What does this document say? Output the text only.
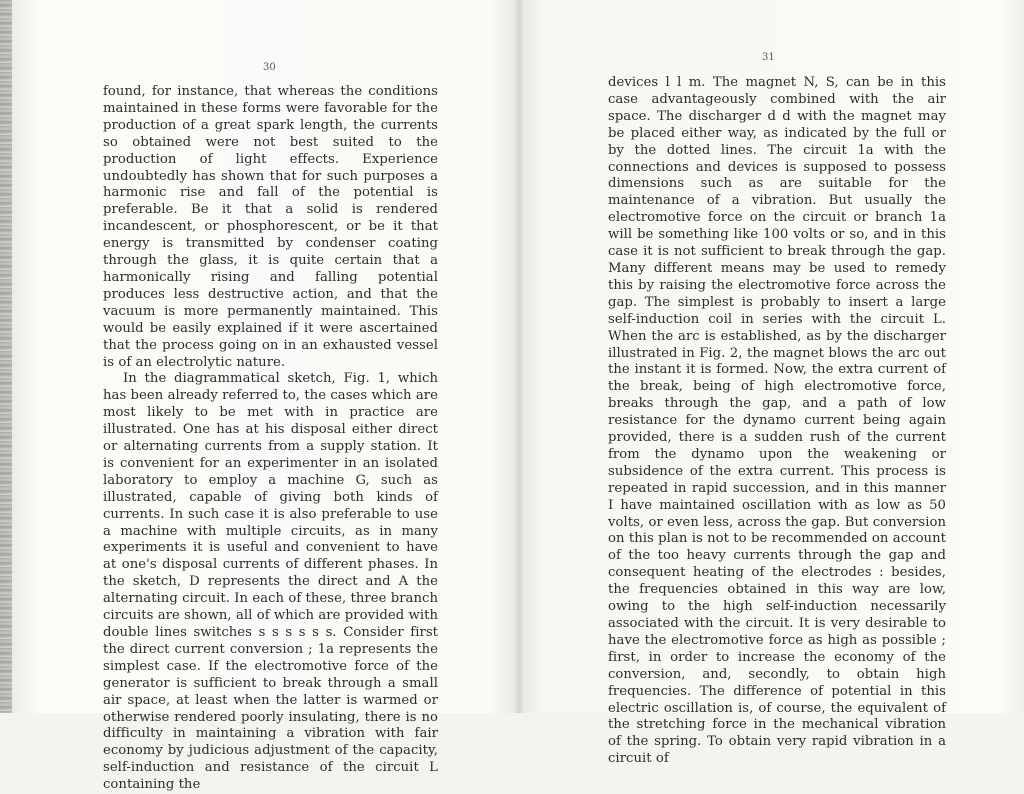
30

found, for instance, that whereas the conditions maintained in these forms were favorable for the production of a great spark length, the currents so obtained were not best suited to the production of light effects. Experience undoubtedly has shown that for such purposes a harmonic rise and fall of the potential is preferable. Be it that a solid is rendered incandescent, or phosphorescent, or be it that energy is transmitted by condenser coating through the glass, it is quite certain that a harmonically rising and falling potential produces less destructive action, and that the vacuum is more permanently maintained. This would be easily explained if it were ascertained that the process going on in an exhausted vessel is of an electrolytic nature.

In the diagrammatical sketch, Fig. 1, which has been already referred to, the cases which are most likely to be met with in practice are illustrated. One has at his disposal either direct or alternating currents from a supply station. It is convenient for an experimenter in an isolated laboratory to employ a machine G, such as illustrated, capable of giving both kinds of currents. In such case it is also preferable to use a machine with multiple circuits, as in many experiments it is useful and convenient to have at one's disposal currents of different phases. In the sketch, D represents the direct and A the alternating circuit. In each of these, three branch circuits are shown, all of which are provided with double lines switches s s s s s s. Consider first the direct current conversion ; 1a represents the simplest case. If the electromotive force of the generator is sufficient to break through a small air space, at least when the latter is warmed or otherwise rendered poorly insulating, there is no difficulty in maintaining a vibration with fair economy by judicious adjustment of the capacity, self-induction and resistance of the circuit L containing the

31

devices l l m. The magnet N, S, can be in this case advantageously combined with the air space. The discharger d d with the magnet may be placed either way, as indicated by the full or by the dotted lines. The circuit 1a with the connections and devices is supposed to possess dimensions such as are suitable for the maintenance of a vibration. But usually the electromotive force on the circuit or branch 1a will be something like 100 volts or so, and in this case it is not sufficient to break through the gap. Many different means may be used to remedy this by raising the electromotive force across the gap. The simplest is probably to insert a large self-induction coil in series with the circuit L. When the arc is established, as by the discharger illustrated in Fig. 2, the magnet blows the arc out the instant it is formed. Now, the extra current of the break, being of high electromotive force, breaks through the gap, and a path of low resistance for the dynamo current being again provided, there is a sudden rush of the current from the dynamo upon the weakening or subsidence of the extra current. This process is repeated in rapid succession, and in this manner I have maintained oscillation with as low as 50 volts, or even less, across the gap. But conversion on this plan is not to be recommended on account of the too heavy currents through the gap and consequent heating of the electrodes : besides, the frequencies obtained in this way are low, owing to the high self-induction necessarily associated with the circuit. It is very desirable to have the electromotive force as high as possible ; first, in order to increase the economy of the conversion, and, secondly, to obtain high frequencies. The difference of potential in this electric oscillation is, of course, the equivalent of the stretching force in the mechanical vibration of the spring. To obtain very rapid vibration in a circuit of
